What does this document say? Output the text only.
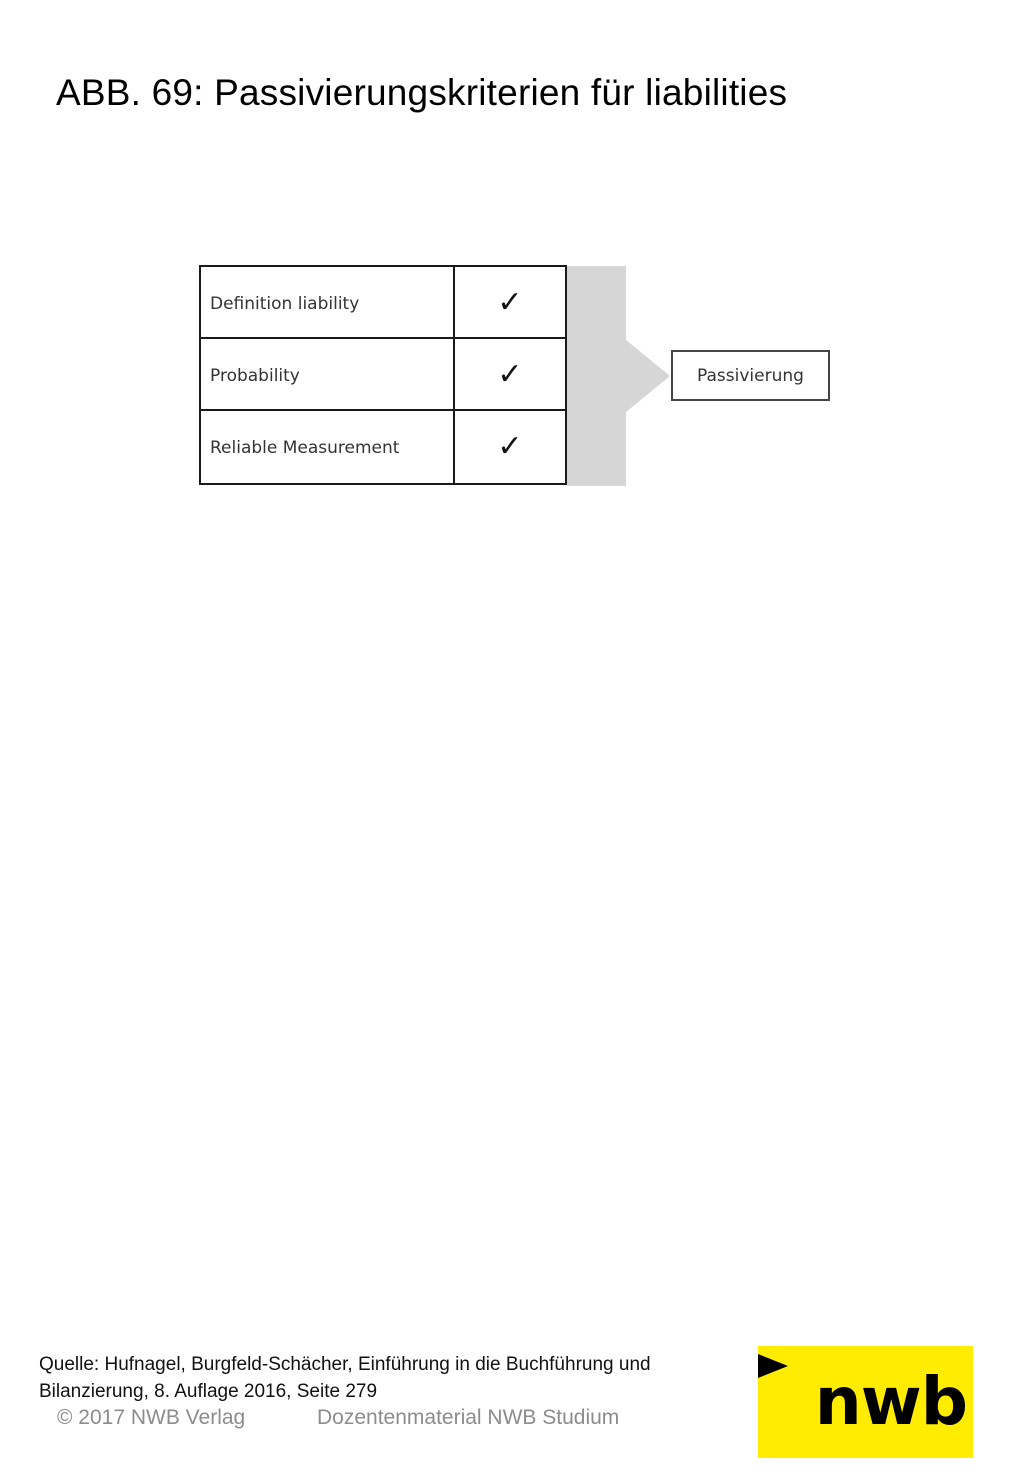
ABB. 69: Passivierungskriterien für liabilities
Definition liability	✓
Probability	✓
Reliable Measurement	✓
Passivierung
Quelle: Hufnagel, Burgfeld-Schächer, Einführung in die Buchführung und
Bilanzierung, 8. Auflage 2016, Seite 279
© 2017 NWB Verlag	Dozentenmaterial NWB Studium	nwb
